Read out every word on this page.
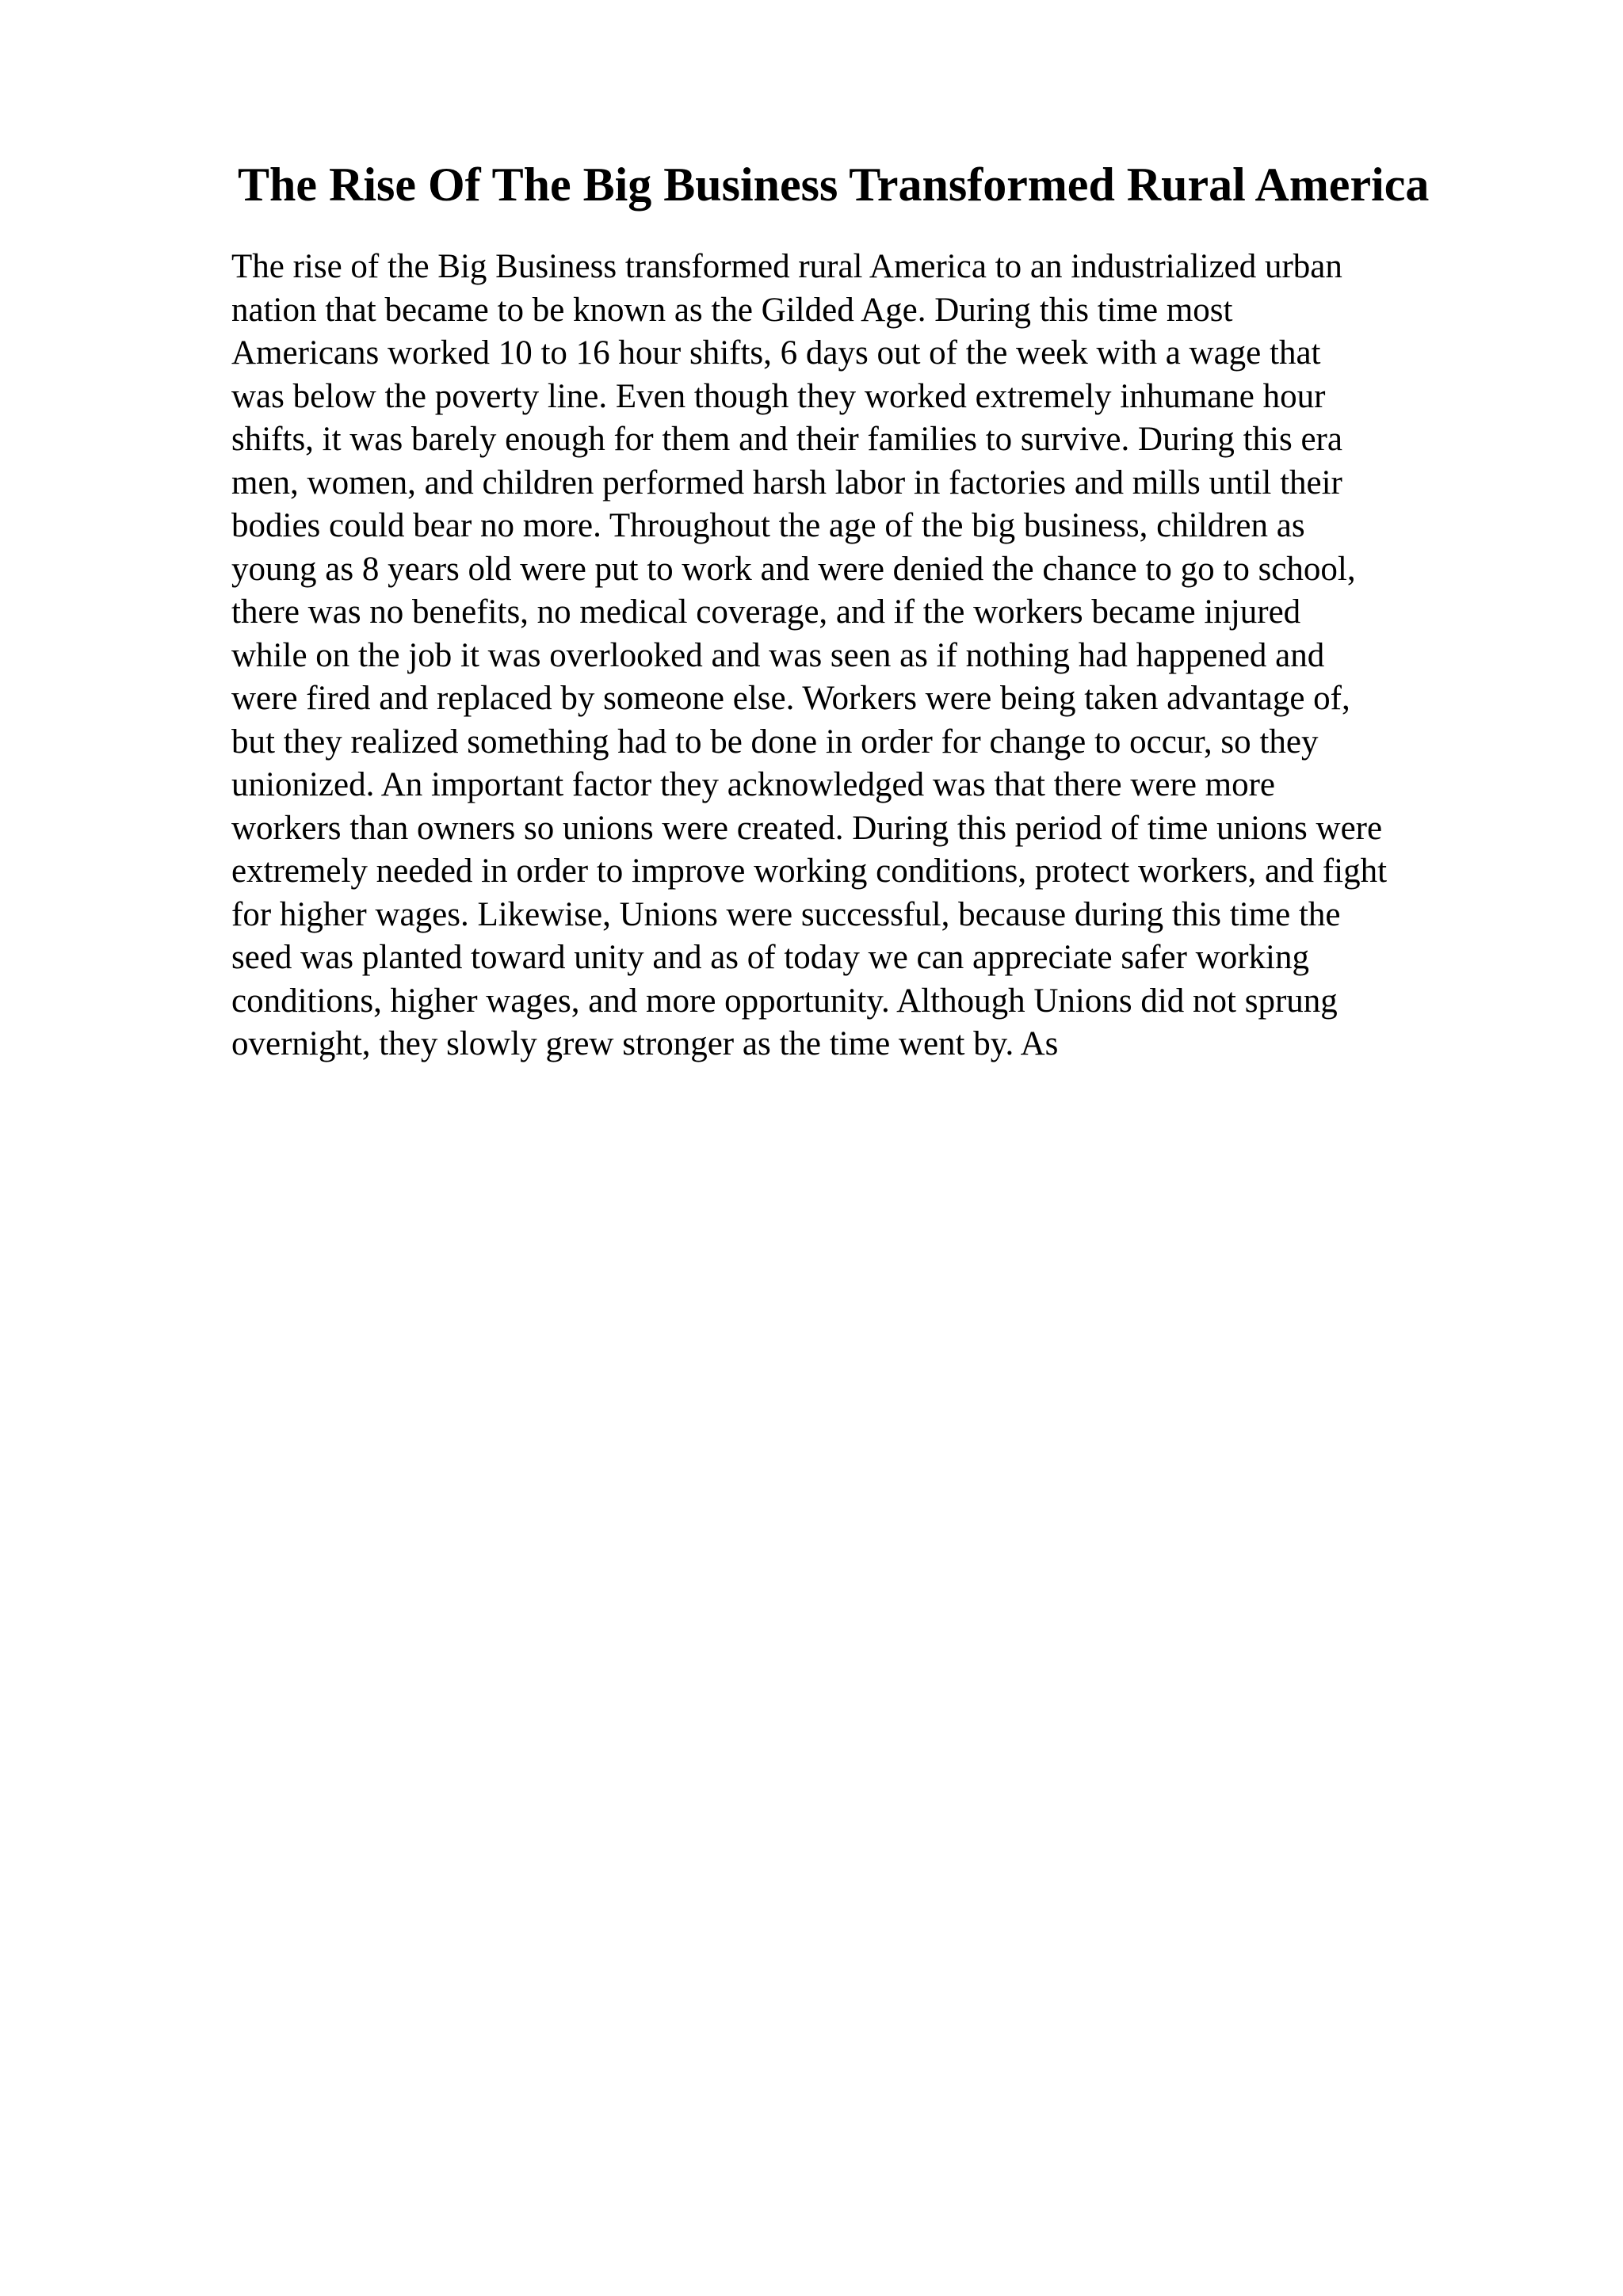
The Rise Of The Big Business Transformed Rural America
The rise of the Big Business transformed rural America to an industrialized urban
nation that became to be known as the Gilded Age. During this time most
Americans worked 10 to 16 hour shifts, 6 days out of the week with a wage that
was below the poverty line. Even though they worked extremely inhumane hour
shifts, it was barely enough for them and their families to survive. During this era
men, women, and children performed harsh labor in factories and mills until their
bodies could bear no more. Throughout the age of the big business, children as
young as 8 years old were put to work and were denied the chance to go to school,
there was no benefits, no medical coverage, and if the workers became injured
while on the job it was overlooked and was seen as if nothing had happened and
were fired and replaced by someone else. Workers were being taken advantage of,
but they realized something had to be done in order for change to occur, so they
unionized. An important factor they acknowledged was that there were more
workers than owners so unions were created. During this period of time unions were
extremely needed in order to improve working conditions, protect workers, and fight
for higher wages. Likewise, Unions were successful, because during this time the
seed was planted toward unity and as of today we can appreciate safer working
conditions, higher wages, and more opportunity. Although Unions did not sprung
overnight, they slowly grew stronger as the time went by. As
